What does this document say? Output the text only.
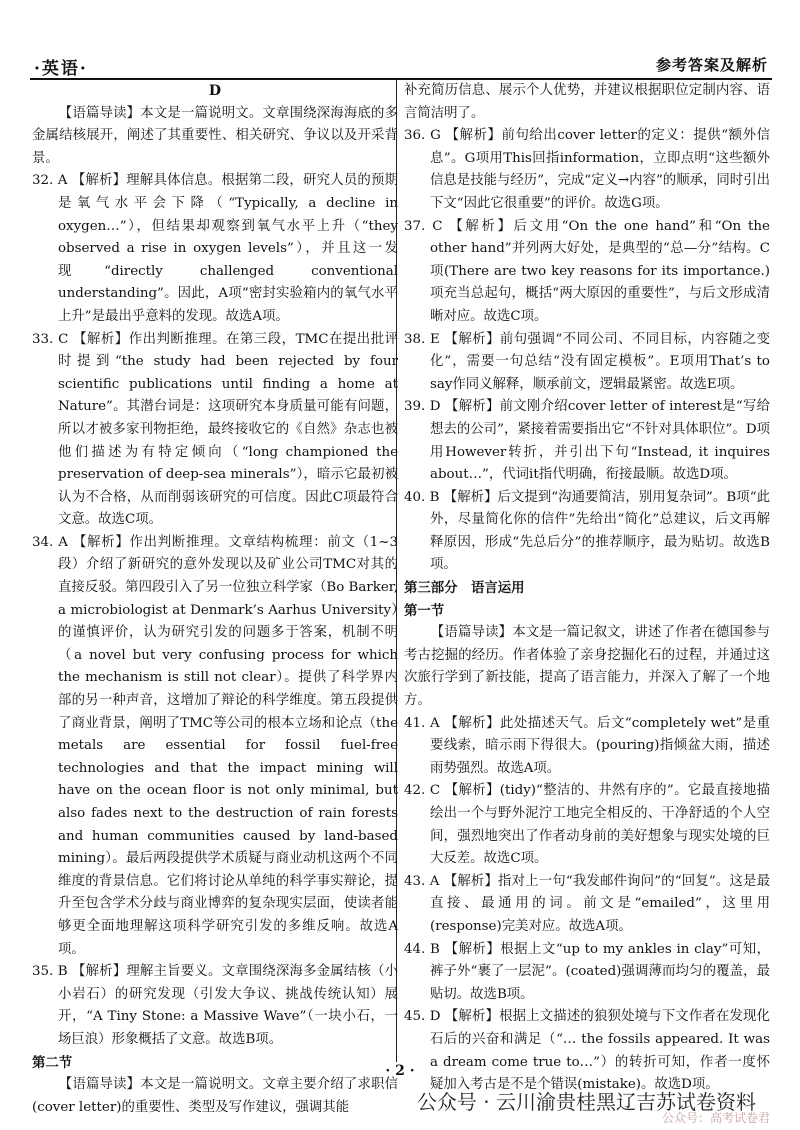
·英语·	参考答案及解析

D

【语篇导读】本文是一篇说明文。文章围绕深海海底的多金属结核展开，阐述了其重要性、相关研究、争议以及开采背景。

32. A 【解析】理解具体信息。根据第二段，研究人员的预期是氧气水平会下降（“Typically, a decline in oxygen…”），但结果却观察到氧气水平上升（“they observed a rise in oxygen levels”），并且这一发现“directly challenged conventional understanding”。因此，A项“密封实验箱内的氧气水平上升”是最出乎意料的发现。故选A项。

33. C 【解析】作出判断推理。在第三段，TMC在提出批评时提到“the study had been rejected by four scientific publications until finding a home at Nature”。其潜台词是：这项研究本身质量可能有问题，所以才被多家刊物拒绝，最终接收它的《自然》杂志也被他们描述为有特定倾向（“long championed the preservation of deep-sea minerals”），暗示它最初被认为不合格，从而削弱该研究的可信度。因此C项最符合文意。故选C项。

34. A 【解析】作出判断推理。文章结构梳理：前文（1~3段）介绍了新研究的意外发现以及矿业公司TMC对其的直接反驳。第四段引入了另一位独立科学家（Bo Barker, a microbiologist at Denmark’s Aarhus University）的谨慎评价，认为研究引发的问题多于答案，机制不明（a novel but very confusing process for which the mechanism is still not clear）。提供了科学界内部的另一种声音，这增加了辩论的科学维度。第五段提供了商业背景，阐明了TMC等公司的根本立场和论点（the metals are essential for fossil fuel-free technologies and that the impact mining will have on the ocean floor is not only minimal, but also fades next to the destruction of rain forests and human communities caused by land-based mining）。最后两段提供学术质疑与商业动机这两个不同维度的背景信息。它们将讨论从单纯的科学事实辩论，提升至包含学术分歧与商业博弈的复杂现实层面，使读者能够更全面地理解这项科学研究引发的多维反响。故选A项。

35. B 【解析】理解主旨要义。文章围绕深海多金属结核（小小岩石）的研究发现（引发大争议、挑战传统认知）展开，“A Tiny Stone: a Massive Wave”（一块小石，一场巨浪）形象概括了文意。故选B项。

第二节

【语篇导读】本文是一篇说明文。文章主要介绍了求职信(cover letter)的重要性、类型及写作建议，强调其能

补充简历信息、展示个人优势，并建议根据职位定制内容、语言简洁明了。

36. G 【解析】前句给出cover letter的定义：提供“额外信息”。G项用This回指information，立即点明“这些额外信息是技能与经历”，完成“定义→内容”的顺承，同时引出下文“因此它很重要”的评价。故选G项。

37. C 【解析】后文用“On the one hand”和“On the other hand”并列两大好处，是典型的“总—分”结构。C项(There are two key reasons for its importance.)项充当总起句，概括“两大原因的重要性”，与后文形成清晰对应。故选C项。

38. E 【解析】前句强调“不同公司、不同目标，内容随之变化”，需要一句总结“没有固定模板”。E项用That’s to say作同义解释，顺承前文，逻辑最紧密。故选E项。

39. D 【解析】前文刚介绍cover letter of interest是“写给想去的公司”，紧接着需要指出它“不针对具体职位”。D项用However转折，并引出下句“Instead, it inquires about…”，代词it指代明确，衔接最顺。故选D项。

40. B 【解析】后文提到“沟通要简洁，别用复杂词”。B项“此外，尽量简化你的信件”先给出“简化”总建议，后文再解释原因，形成“先总后分”的推荐顺序，最为贴切。故选B项。

第三部分　语言运用

第一节

【语篇导读】本文是一篇记叙文，讲述了作者在德国参与考古挖掘的经历。作者体验了亲身挖掘化石的过程，并通过这次旅行学到了新技能，提高了语言能力，并深入了解了一个地方。

41. A 【解析】此处描述天气。后文“completely wet”是重要线索，暗示雨下得很大。(pouring)指倾盆大雨，描述雨势强烈。故选A项。

42. C 【解析】(tidy)“整洁的、井然有序的”。它最直接地描绘出一个与野外泥泞工地完全相反的、干净舒适的个人空间，强烈地突出了作者动身前的美好想象与现实处境的巨大反差。故选C项。

43. A 【解析】指对上一句“我发邮件询问”的“回复”。这是最直接、最通用的词。前文是“emailed”，这里用(response)完美对应。故选A项。

44. B 【解析】根据上文“up to my ankles in clay”可知，裤子外“裹了一层泥”。(coated)强调薄而均匀的覆盖，最贴切。故选B项。

45. D 【解析】根据上文描述的狼狈处境与下文作者在发现化石后的兴奋和满足（“… the fossils appeared. It was a dream come true to…”）的转折可知，作者一度怀疑加入考古是不是个错误(mistake)。故选D项。

· 2 ·
公众号 · 云川渝贵桂黑辽吉苏试卷资料
公众号：高考试卷君
